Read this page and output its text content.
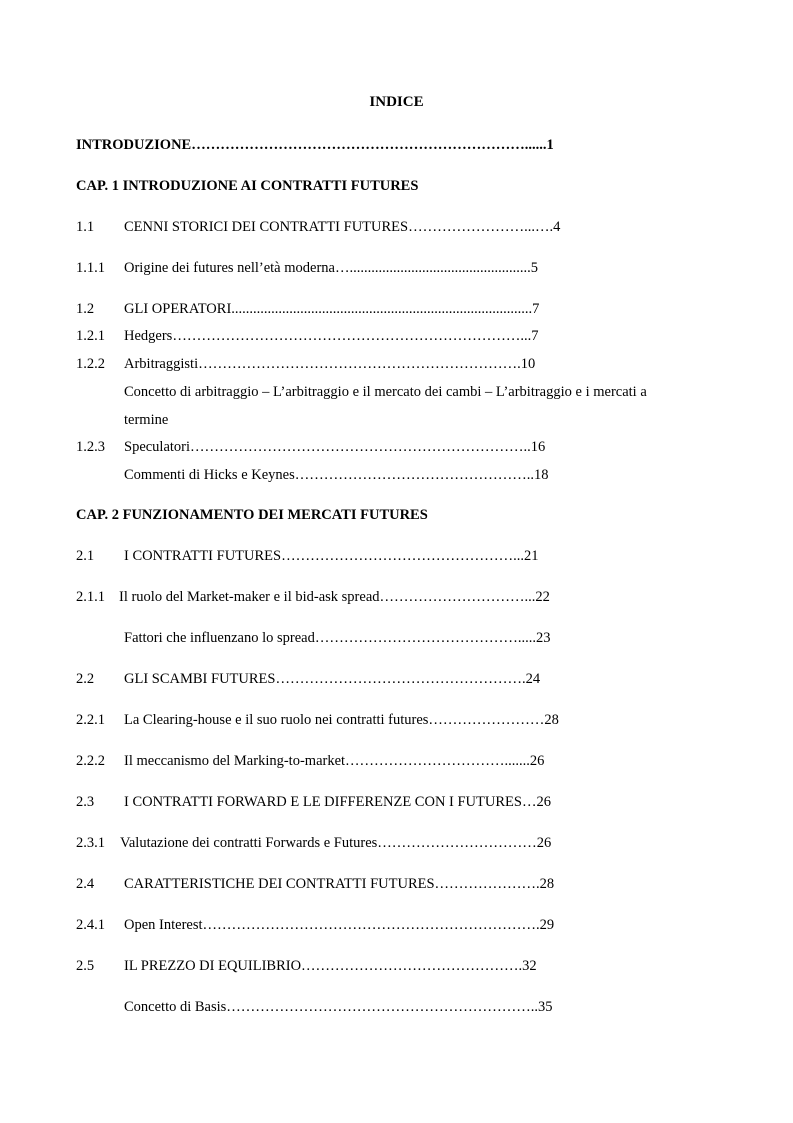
INDICE
INTRODUZIONE……………………………………………………………......1
CAP. 1 INTRODUZIONE AI CONTRATTI FUTURES
1.1 CENNI STORICI DEI CONTRATTI FUTURES……………………...….4
1.1.1 Origine dei futures nell’età moderna…..................................................5
1.2 GLI OPERATORI...................................................................................7
1.2.1 Hedgers………………………………………………………………...7
1.2.2 Arbitraggisti………………………………………………………….10
Concetto di arbitraggio – L’arbitraggio e il mercato dei cambi – L’arbitraggio e i mercati a
termine
1.2.3 Speculatori……………………………………………………………..16
Commenti di Hicks e Keynes…………………………………………..18
CAP. 2 FUNZIONAMENTO DEI MERCATI FUTURES
2.1 I CONTRATTI FUTURES…………………………………………...21
2.1.1 Il ruolo del Market-maker e il bid-ask spread…………………………...22
Fattori che influenzano lo spread…………………………………….....23
2.2 GLI SCAMBI FUTURES…………………………………………….24
2.2.1 La Clearing-house e il suo ruolo nei contratti futures……………………28
2.2.2 Il meccanismo del Marking-to-market…………………………….......26
2.3 I CONTRATTI FORWARD E LE DIFFERENZE CON I FUTURES…26
2.3.1 Valutazione dei contratti Forwards e Futures……………………………26
2.4 CARATTERISTICHE DEI CONTRATTI FUTURES………………….28
2.4.1 Open Interest…………………………………………………………….29
2.5 IL PREZZO DI EQUILIBRIO……………………………………….32
Concetto di Basis………………………………………………………..35
